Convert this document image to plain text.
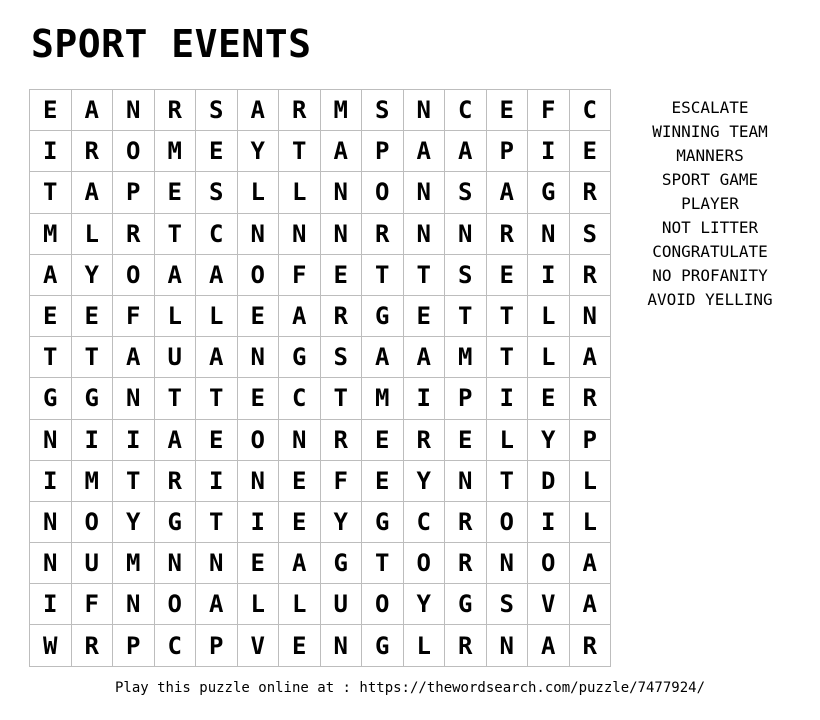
SPORT EVENTS
E	A	N	R	S	A	R	M	S	N	C	E	F	C
I	R	O	M	E	Y	T	A	P	A	A	P	I	E
T	A	P	E	S	L	L	N	O	N	S	A	G	R
M	L	R	T	C	N	N	N	R	N	N	R	N	S
A	Y	O	A	A	O	F	E	T	T	S	E	I	R
E	E	F	L	L	E	A	R	G	E	T	T	L	N
T	T	A	U	A	N	G	S	A	A	M	T	L	A
G	G	N	T	T	E	C	T	M	I	P	I	E	R
N	I	I	A	E	O	N	R	E	R	E	L	Y	P
I	M	T	R	I	N	E	F	E	Y	N	T	D	L
N	O	Y	G	T	I	E	Y	G	C	R	O	I	L
N	U	M	N	N	E	A	G	T	O	R	N	O	A
I	F	N	O	A	L	L	U	O	Y	G	S	V	A
W	R	P	C	P	V	E	N	G	L	R	N	A	R
ESCALATE
WINNING TEAM
MANNERS
SPORT GAME
PLAYER
NOT LITTER
CONGRATULATE
NO PROFANITY
AVOID YELLING
Play this puzzle online at : https://thewordsearch.com/puzzle/7477924/
